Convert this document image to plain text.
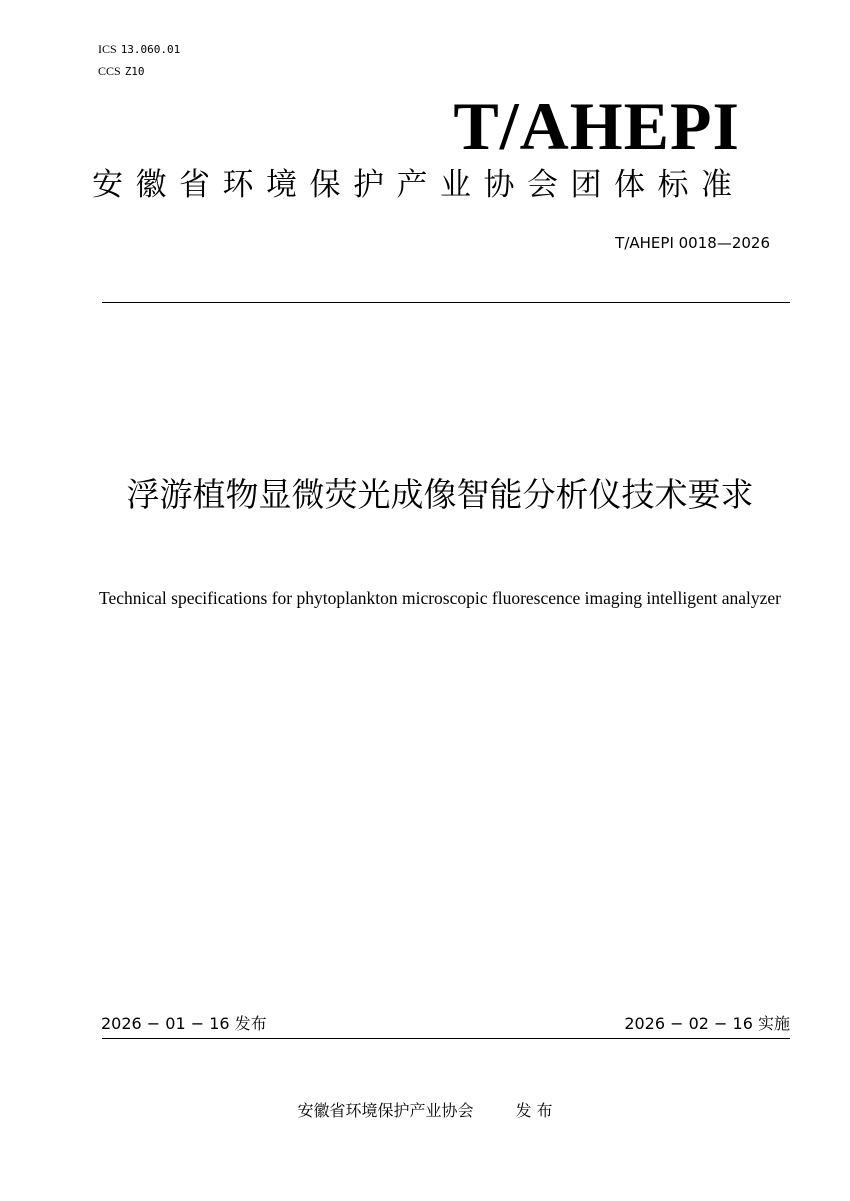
ICS 13.060.01
CCS Z10
T/AHEPI
安徽省环境保护产业协会团体标准
T/AHEPI 0018—2026
浮游植物显微荧光成像智能分析仪技术要求
Technical specifications for phytoplankton microscopic fluorescence imaging intelligent analyzer
2026 − 01 − 16 发布	2026 − 02 − 16 实施
安徽省环境保护产业协会	发 布
